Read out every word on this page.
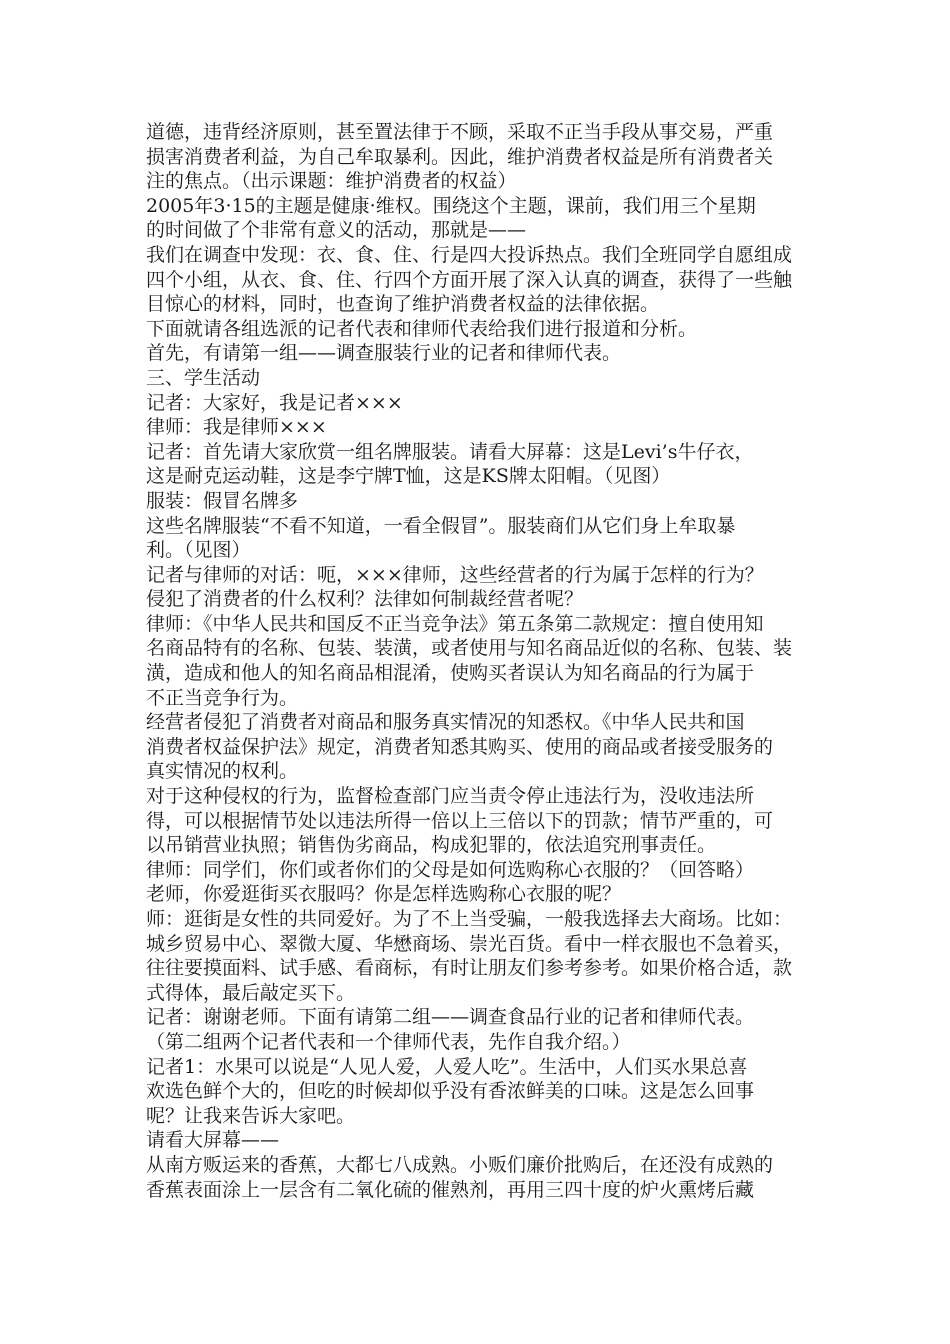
道德，违背经济原则，甚至置法律于不顾，采取不正当手段从事交易，严重

损害消费者利益，为自己牟取暴利。因此，维护消费者权益是所有消费者关

注的焦点。（出示课题：维护消费者的权益）

2005年3·15的主题是健康·维权。围绕这个主题，课前，我们用三个星期

的时间做了个非常有意义的活动，那就是——

我们在调查中发现：衣、食、住、行是四大投诉热点。我们全班同学自愿组成

四个小组，从衣、食、住、行四个方面开展了深入认真的调查，获得了一些触

目惊心的材料，同时，也查询了维护消费者权益的法律依据。

下面就请各组选派的记者代表和律师代表给我们进行报道和分析。

首先，有请第一组——调查服装行业的记者和律师代表。

三、学生活动

记者：大家好，我是记者×××

律师：我是律师×××

记者：首先请大家欣赏一组名牌服装。请看大屏幕：这是Levi’s牛仔衣，

这是耐克运动鞋，这是李宁牌T恤，这是KS牌太阳帽。（见图）

服装：假冒名牌多

这些名牌服装“不看不知道，一看全假冒”。服装商们从它们身上牟取暴

利。（见图）

记者与律师的对话：呃，×××律师，这些经营者的行为属于怎样的行为？

侵犯了消费者的什么权利？法律如何制裁经营者呢？

律师：《中华人民共和国反不正当竞争法》第五条第二款规定：擅自使用知

名商品特有的名称、包装、装潢，或者使用与知名商品近似的名称、包装、装

潢，造成和他人的知名商品相混淆，使购买者误认为知名商品的行为属于

不正当竞争行为。

经营者侵犯了消费者对商品和服务真实情况的知悉权。《中华人民共和国

消费者权益保护法》规定，消费者知悉其购买、使用的商品或者接受服务的

真实情况的权利。

对于这种侵权的行为，监督检查部门应当责令停止违法行为，没收违法所

得，可以根据情节处以违法所得一倍以上三倍以下的罚款；情节严重的，可

以吊销营业执照；销售伪劣商品，构成犯罪的，依法追究刑事责任。

律师：同学们，你们或者你们的父母是如何选购称心衣服的？（回答略）

老师，你爱逛街买衣服吗？你是怎样选购称心衣服的呢？

师：逛街是女性的共同爱好。为了不上当受骗，一般我选择去大商场。比如：

城乡贸易中心、翠微大厦、华懋商场、崇光百货。看中一样衣服也不急着买，

往往要摸面料、试手感、看商标，有时让朋友们参考参考。如果价格合适，款

式得体，最后敲定买下。

记者：谢谢老师。下面有请第二组——调查食品行业的记者和律师代表。

（第二组两个记者代表和一个律师代表，先作自我介绍。）

记者1：水果可以说是“人见人爱，人爱人吃”。生活中，人们买水果总喜

欢选色鲜个大的，但吃的时候却似乎没有香浓鲜美的口味。这是怎么回事

呢？让我来告诉大家吧。

请看大屏幕——

从南方贩运来的香蕉，大都七八成熟。小贩们廉价批购后，在还没有成熟的

香蕉表面涂上一层含有二氧化硫的催熟剂，再用三四十度的炉火熏烤后藏
